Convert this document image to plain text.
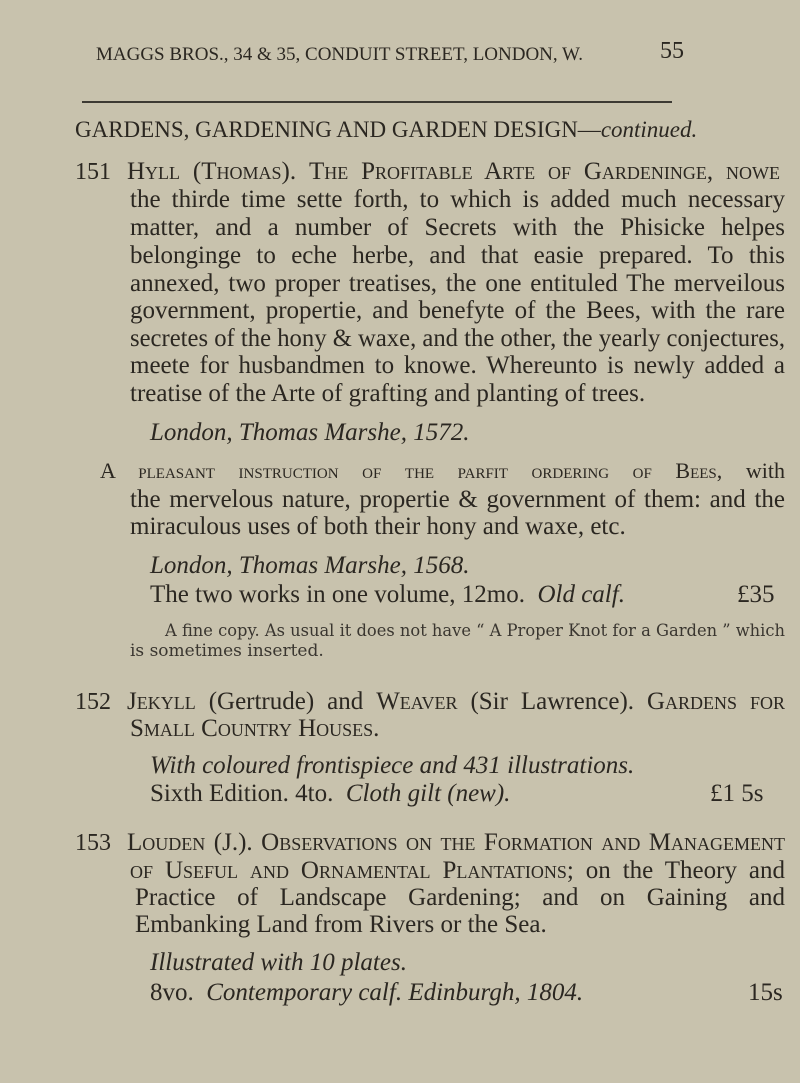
MAGGS BROS., 34 & 35, CONDUIT STREET, LONDON, W.	55
GARDENS, GARDENING AND GARDEN DESIGN—continued.
151 Hyll (Thomas). The Profitable Arte of Gardeninge, nowe
the thirde time sette forth, to which is added much necessary
matter, and a number of Secrets with the Phisicke helpes
belonginge to eche herbe, and that easie prepared. To this
annexed, two proper treatises, the one entituled The merveilous
government, propertie, and benefyte of the Bees, with the rare
secretes of the hony & waxe, and the other, the yearly conjectures,
meete for husbandmen to knowe. Whereunto is newly added a
treatise of the Arte of grafting and planting of trees.
London, Thomas Marshe, 1572.
A pleasant instruction of the parfit ordering of Bees, with
the mervelous nature, propertie & government of them: and the
miraculous uses of both their hony and waxe, etc.
London, Thomas Marshe, 1568.
The two works in one volume, 12mo. Old calf.	£35
A fine copy. As usual it does not have “ A Proper Knot for a Garden ” which
is sometimes inserted.
152 Jekyll (Gertrude) and Weaver (Sir Lawrence). Gardens for
Small Country Houses.
With coloured frontispiece and 431 illustrations.
Sixth Edition. 4to. Cloth gilt (new).	£1 5s
153 Louden (J.). Observations on the Formation and Management
of Useful and Ornamental Plantations; on the Theory and
Practice of Landscape Gardening; and on Gaining and
Embanking Land from Rivers or the Sea.
Illustrated with 10 plates.
8vo. Contemporary calf. Edinburgh, 1804.	15s
